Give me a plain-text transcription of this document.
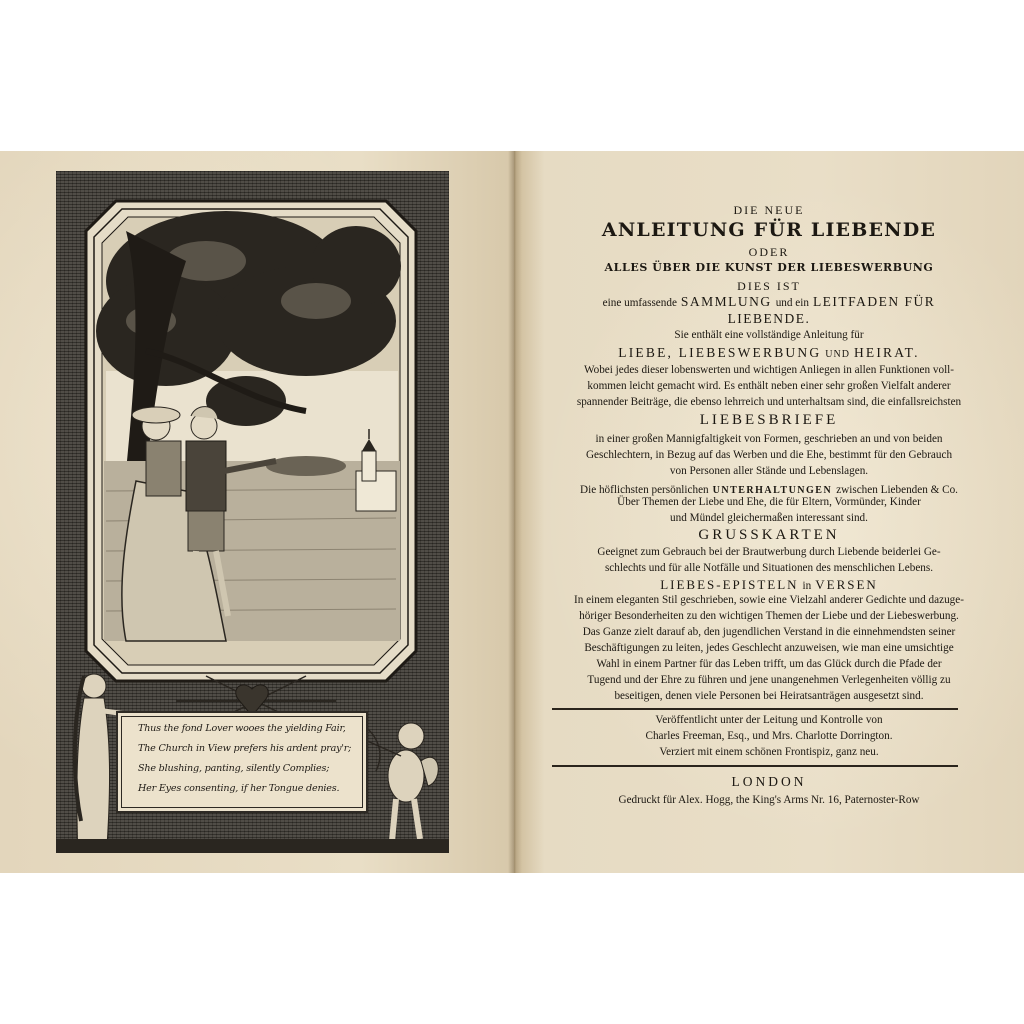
Thus the fond Lover wooes the yielding Fair,
The Church in View prefers his ardent pray'r;
She blushing, panting, silently Complies;
Her Eyes consenting, if her Tongue denies.
DIE NEUE
ANLEITUNG FÜR LIEBENDE
ODER
ALLES ÜBER DIE KUNST DER LIEBESWERBUNG
DIES IST
eine umfassende SAMMLUNG und ein LEITFADEN FÜR
LIEBENDE.
Sie enthält eine vollständige Anleitung für
LIEBE, LIEBESWERBUNG UND HEIRAT.
Wobei jedes dieser lobenswerten und wichtigen Anliegen in allen Funktionen voll-
kommen leicht gemacht wird. Es enthält neben einer sehr großen Vielfalt anderer
spannender Beiträge, die ebenso lehrreich und unterhaltsam sind, die einfallsreichsten
LIEBESBRIEFE
in einer großen Mannigfaltigkeit von Formen, geschrieben an und von beiden
Geschlechtern, in Bezug auf das Werben und die Ehe, bestimmt für den Gebrauch
von Personen aller Stände und Lebenslagen.
Die höflichsten persönlichen UNTERHALTUNGEN zwischen Liebenden & Co.
Über Themen der Liebe und Ehe, die für Eltern, Vormünder, Kinder
und Mündel gleichermaßen interessant sind.
GRUSSKARTEN
Geeignet zum Gebrauch bei der Brautwerbung durch Liebende beiderlei Ge-
schlechts und für alle Notfälle und Situationen des menschlichen Lebens.
LIEBES-EPISTELN in VERSEN
In einem eleganten Stil geschrieben, sowie eine Vielzahl anderer Gedichte und dazuge-
höriger Besonderheiten zu den wichtigen Themen der Liebe und der Liebeswerbung.
Das Ganze zielt darauf ab, den jugendlichen Verstand in die einnehmendsten seiner
Beschäftigungen zu leiten, jedes Geschlecht anzuweisen, wie man eine umsichtige
Wahl in einem Partner für das Leben trifft, um das Glück durch die Pfade der
Tugend und der Ehre zu führen und jene unangenehmen Verlegenheiten völlig zu
beseitigen, denen viele Personen bei Heiratsanträgen ausgesetzt sind.
Veröffentlicht unter der Leitung und Kontrolle von
Charles Freeman, Esq., und Mrs. Charlotte Dorrington.
Verziert mit einem schönen Frontispiz, ganz neu.
LONDON
Gedruckt für Alex. Hogg, the King's Arms Nr. 16, Paternoster-Row
